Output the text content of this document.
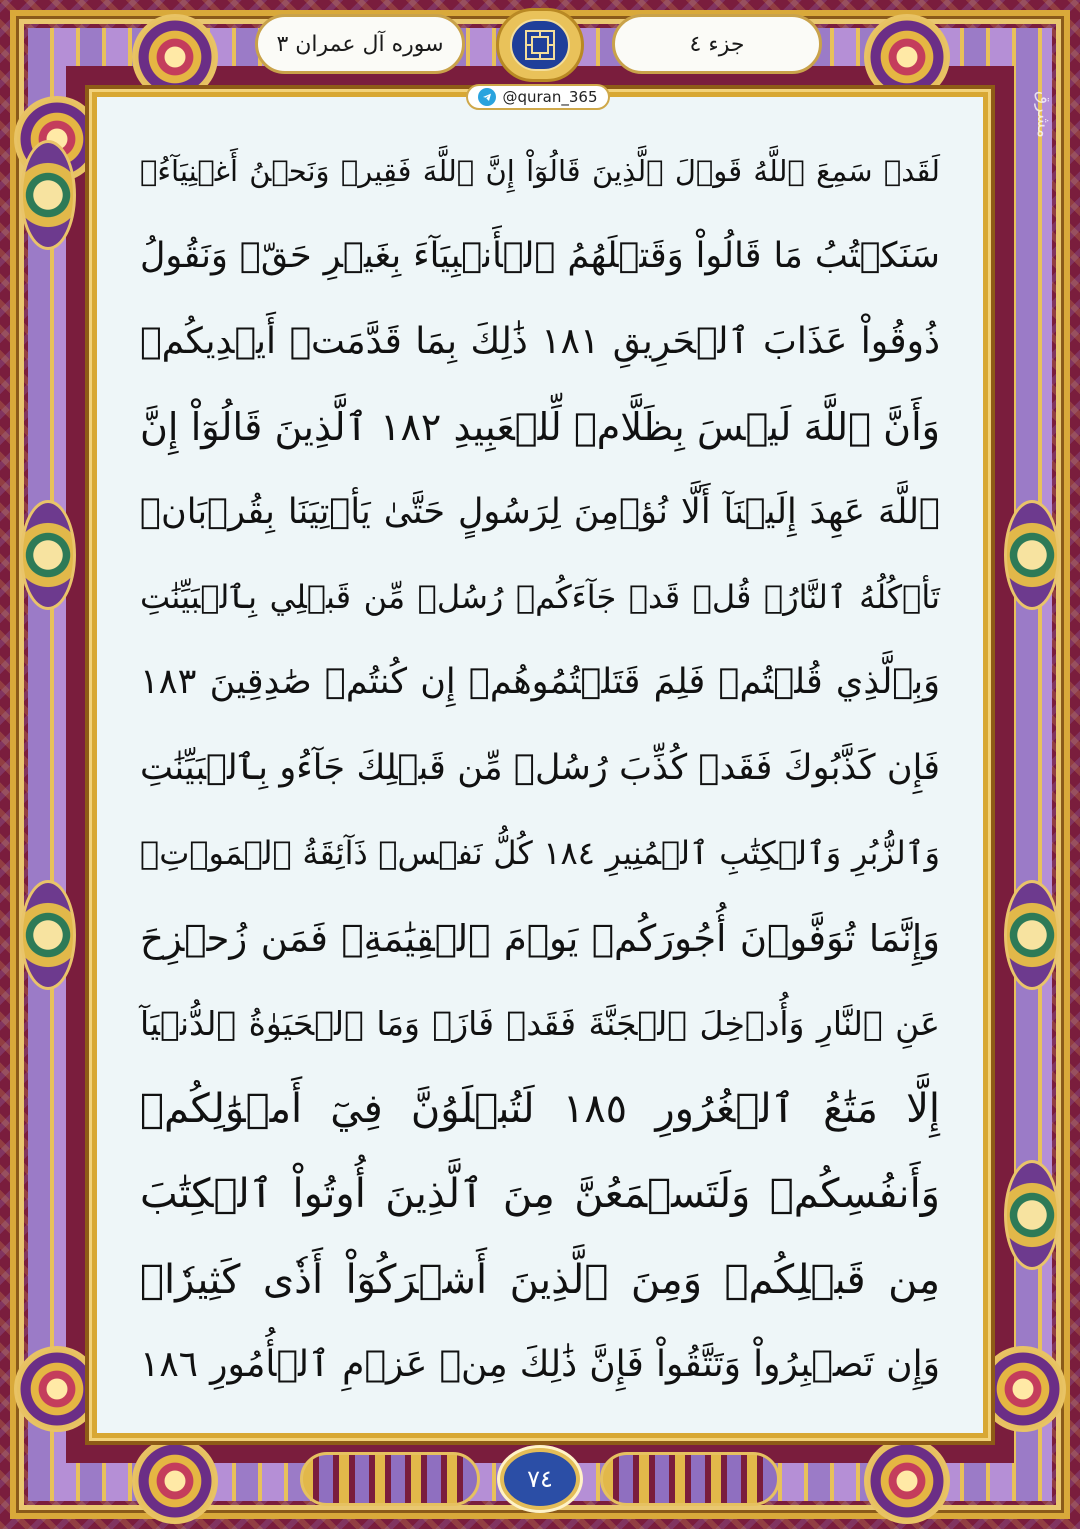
سوره آل عمران ٣	جزء ٤
@quran_365	مشرق
لَقَدۡ سَمِعَ ٱللَّهُ قَوۡلَ ٱلَّذِينَ قَالُوٓاْ إِنَّ ٱللَّهَ فَقِيرٞ وَنَحۡنُ أَغۡنِيَآءُۘ
سَنَكۡتُبُ مَا قَالُواْ وَقَتۡلَهُمُ ٱلۡأَنۢبِيَآءَ بِغَيۡرِ حَقّٖ وَنَقُولُ
ذُوقُواْ عَذَابَ ٱلۡحَرِيقِ ١٨١ ذَٰلِكَ بِمَا قَدَّمَتۡ أَيۡدِيكُمۡ
وَأَنَّ ٱللَّهَ لَيۡسَ بِظَلَّامٖ لِّلۡعَبِيدِ ١٨٢ ٱلَّذِينَ قَالُوٓاْ إِنَّ
ٱللَّهَ عَهِدَ إِلَيۡنَآ أَلَّا نُؤۡمِنَ لِرَسُولٍ حَتَّىٰ يَأۡتِيَنَا بِقُرۡبَانٖ
تَأۡكُلُهُ ٱلنَّارُۗ قُلۡ قَدۡ جَآءَكُمۡ رُسُلٞ مِّن قَبۡلِي بِٱلۡبَيِّنَٰتِ
وَبِٱلَّذِي قُلۡتُمۡ فَلِمَ قَتَلۡتُمُوهُمۡ إِن كُنتُمۡ صَٰدِقِينَ ١٨٣
فَإِن كَذَّبُوكَ فَقَدۡ كُذِّبَ رُسُلٞ مِّن قَبۡلِكَ جَآءُو بِٱلۡبَيِّنَٰتِ
وَٱلزُّبُرِ وَٱلۡكِتَٰبِ ٱلۡمُنِيرِ ١٨٤ كُلُّ نَفۡسٖ ذَآئِقَةُ ٱلۡمَوۡتِۗ
وَإِنَّمَا تُوَفَّوۡنَ أُجُورَكُمۡ يَوۡمَ ٱلۡقِيَٰمَةِۖ فَمَن زُحۡزِحَ
عَنِ ٱلنَّارِ وَأُدۡخِلَ ٱلۡجَنَّةَ فَقَدۡ فَازَۗ وَمَا ٱلۡحَيَوٰةُ ٱلدُّنۡيَآ
إِلَّا مَتَٰعُ ٱلۡغُرُورِ ١٨٥ لَتُبۡلَوُنَّ فِيٓ أَمۡوَٰلِكُمۡ
وَأَنفُسِكُمۡ وَلَتَسۡمَعُنَّ مِنَ ٱلَّذِينَ أُوتُواْ ٱلۡكِتَٰبَ
مِن قَبۡلِكُمۡ وَمِنَ ٱلَّذِينَ أَشۡرَكُوٓاْ أَذٗى كَثِيرٗاۚ
وَإِن تَصۡبِرُواْ وَتَتَّقُواْ فَإِنَّ ذَٰلِكَ مِنۡ عَزۡمِ ٱلۡأُمُورِ ١٨٦
٧٤
